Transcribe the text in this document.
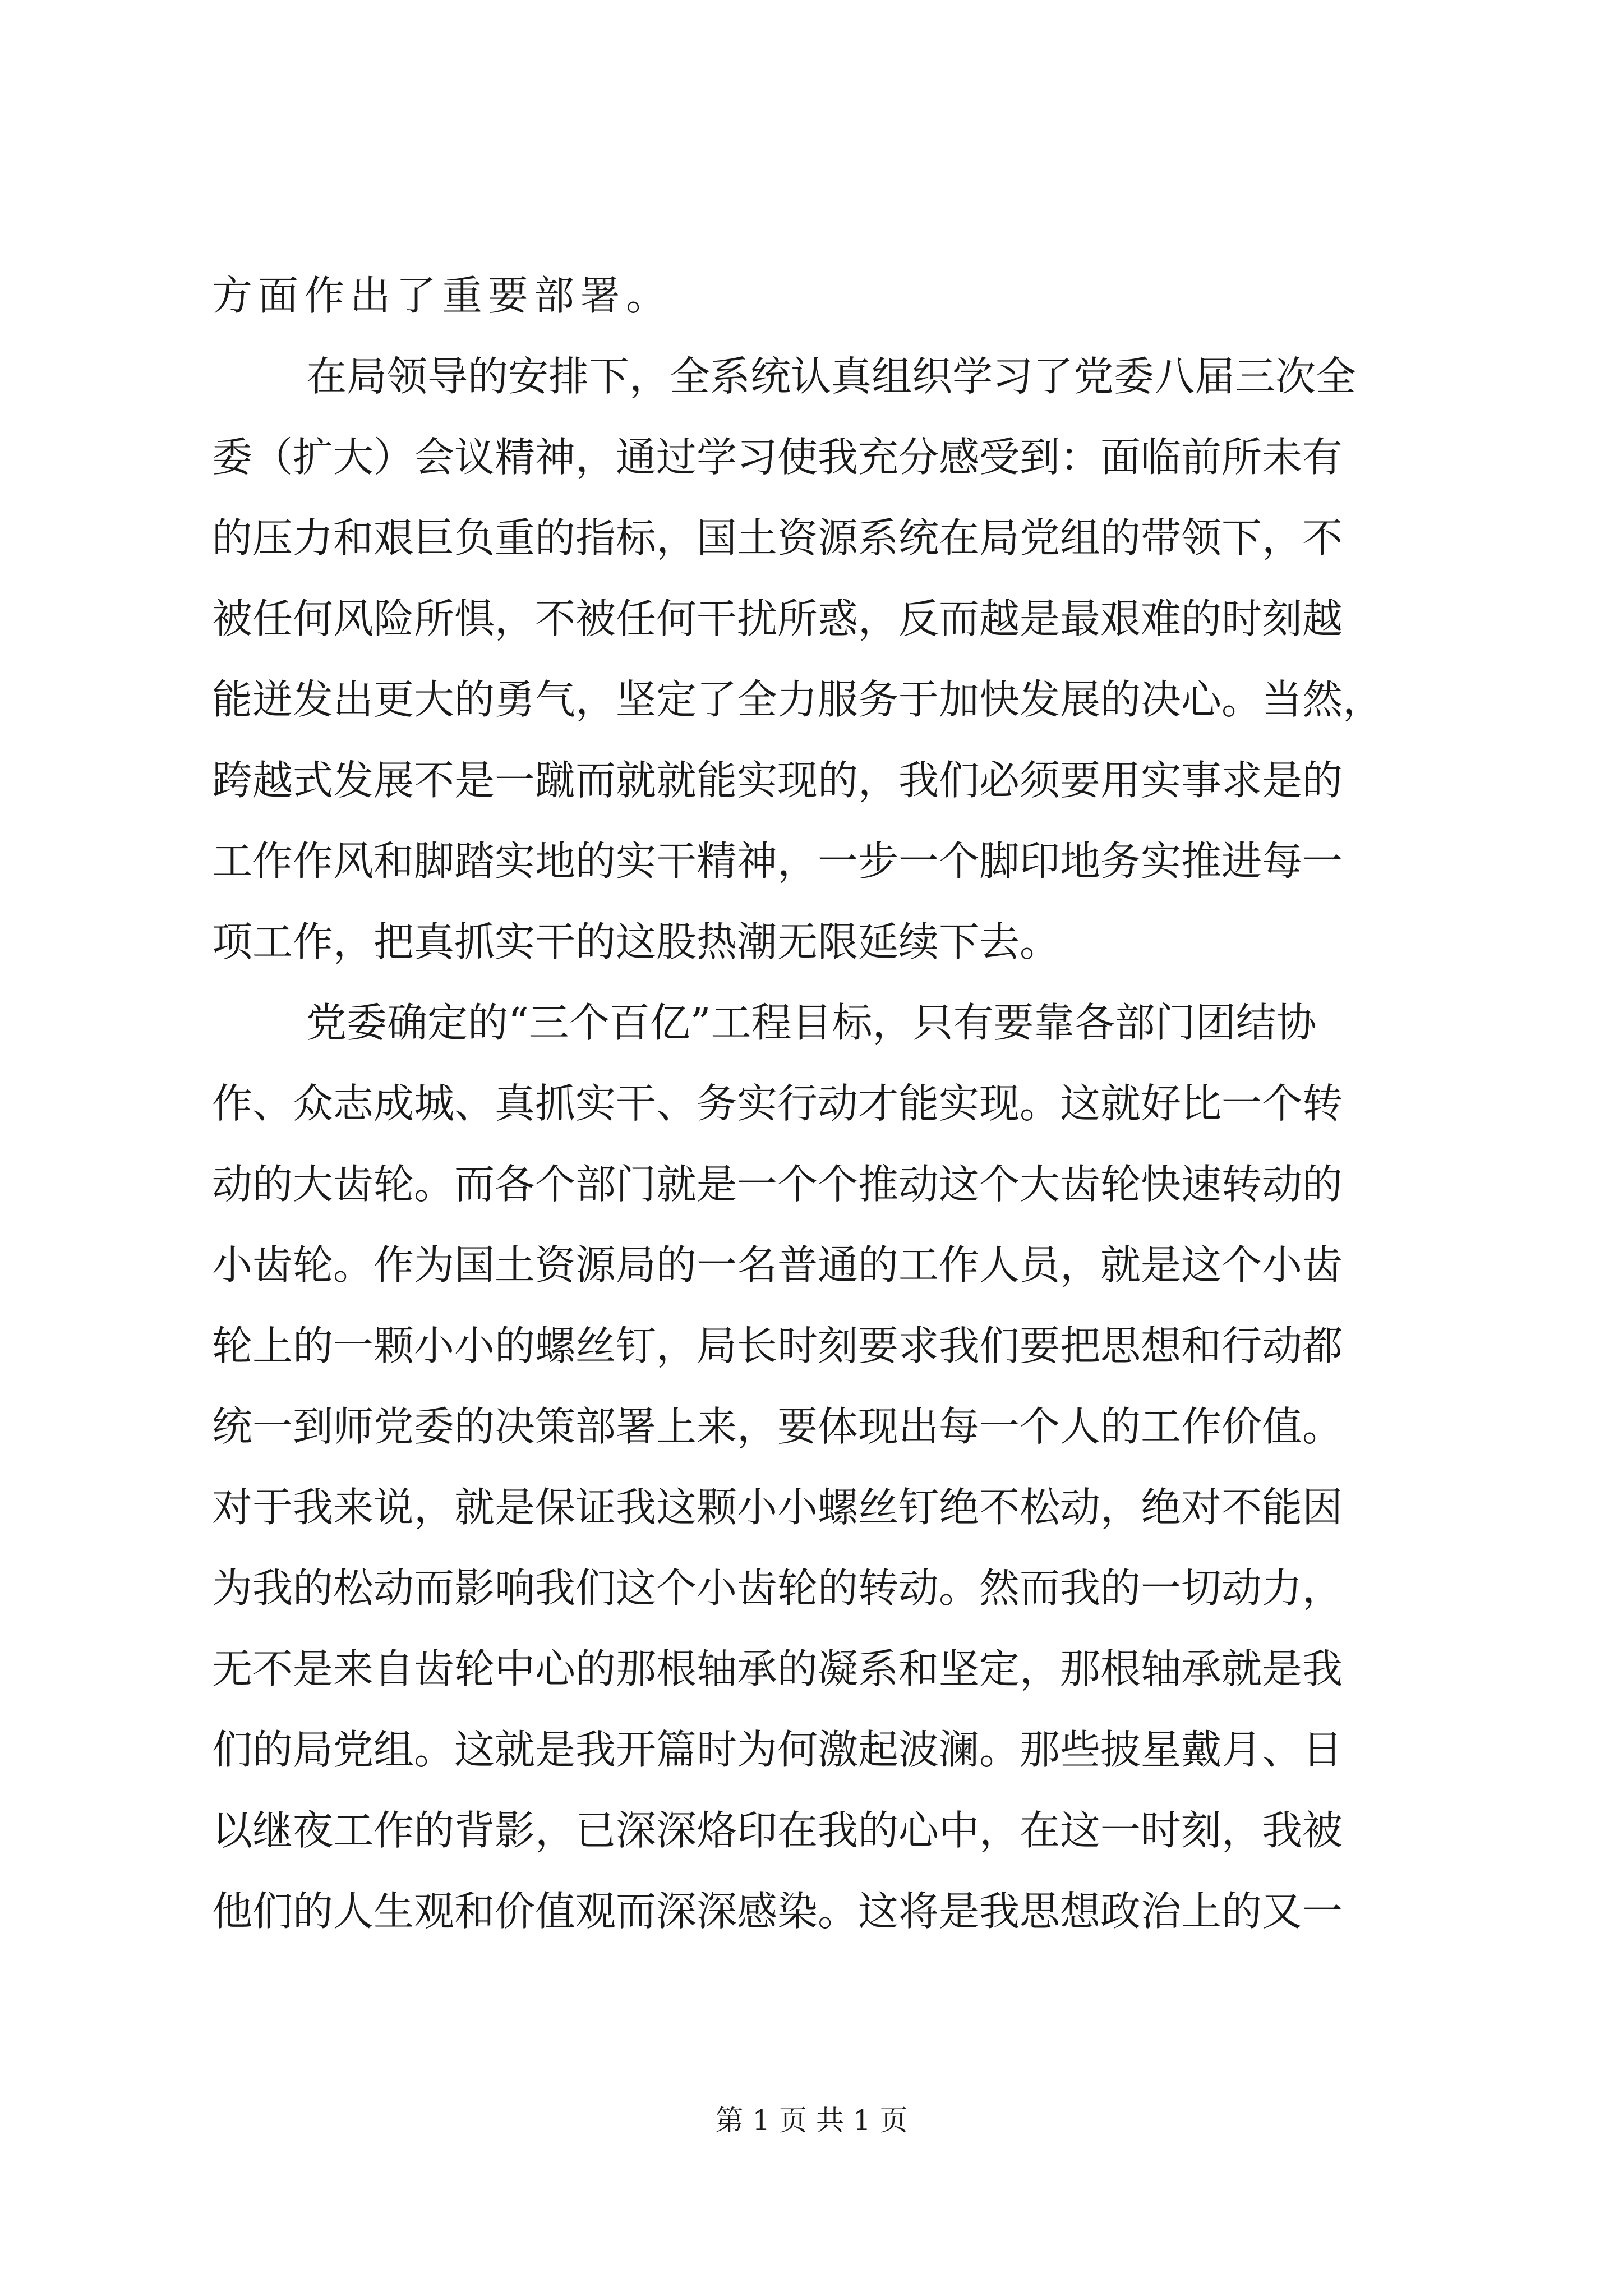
方面作出了重要部署。
在局领导的安排下，全系统认真组织学习了党委八届三次全
委（扩大）会议精神，通过学习使我充分感受到：面临前所未有
的压力和艰巨负重的指标，国土资源系统在局党组的带领下，不
被任何风险所惧，不被任何干扰所惑，反而越是最艰难的时刻越
能迸发出更大的勇气，坚定了全力服务于加快发展的决心。当然，
跨越式发展不是一蹴而就就能实现的，我们必须要用实事求是的
工作作风和脚踏实地的实干精神，一步一个脚印地务实推进每一
项工作，把真抓实干的这股热潮无限延续下去。
党委确定的“三个百亿”工程目标，只有要靠各部门团结协
作、众志成城、真抓实干、务实行动才能实现。这就好比一个转
动的大齿轮。而各个部门就是一个个推动这个大齿轮快速转动的
小齿轮。作为国土资源局的一名普通的工作人员，就是这个小齿
轮上的一颗小小的螺丝钉，局长时刻要求我们要把思想和行动都
统一到师党委的决策部署上来，要体现出每一个人的工作价值。
对于我来说，就是保证我这颗小小螺丝钉绝不松动，绝对不能因
为我的松动而影响我们这个小齿轮的转动。然而我的一切动力，
无不是来自齿轮中心的那根轴承的凝系和坚定，那根轴承就是我
们的局党组。这就是我开篇时为何激起波澜。那些披星戴月、日
以继夜工作的背影，已深深烙印在我的心中，在这一时刻，我被
他们的人生观和价值观而深深感染。这将是我思想政治上的又一
第 1 页 共 1 页
